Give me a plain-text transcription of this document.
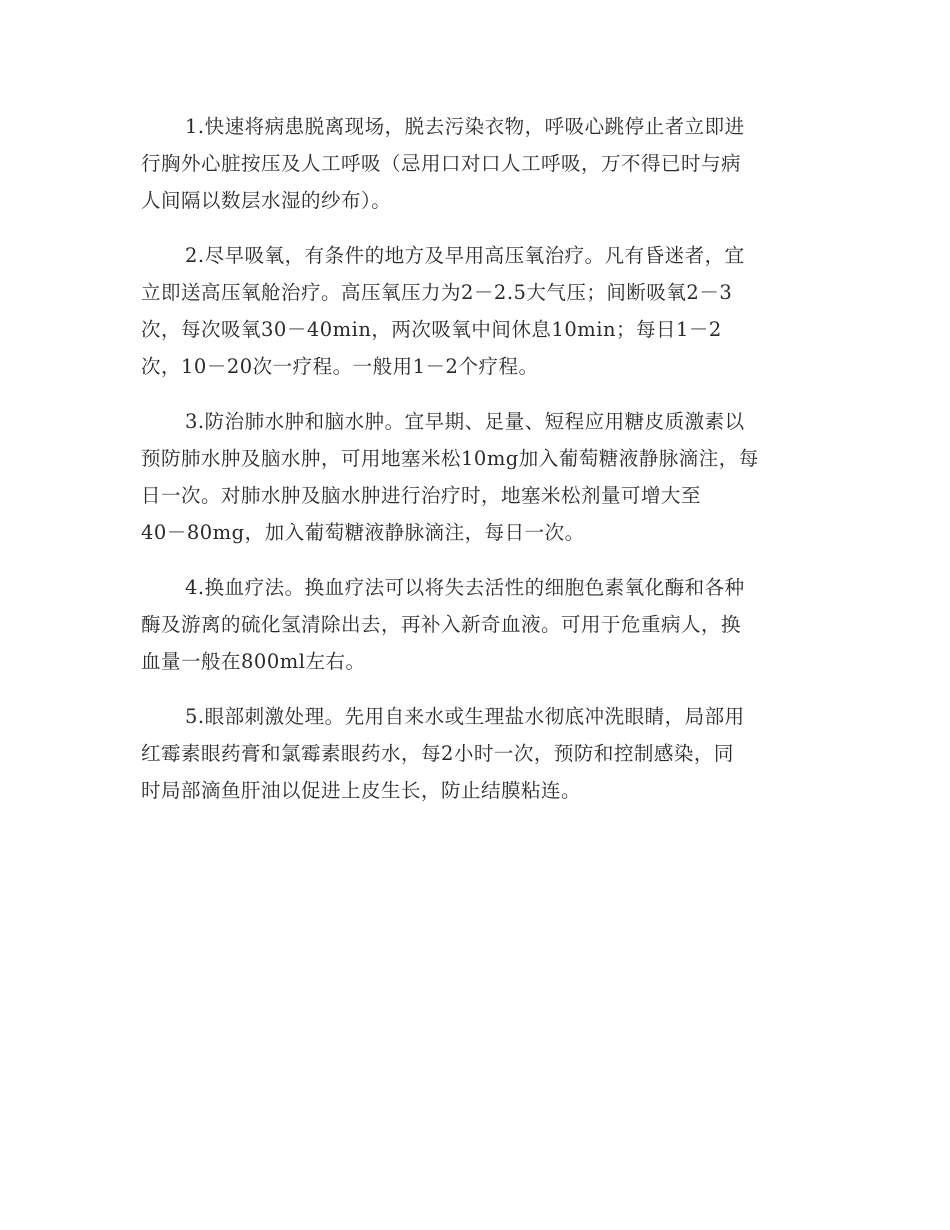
1.快速将病患脱离现场，脱去污染衣物，呼吸心跳停止者立即进
行胸外心脏按压及人工呼吸（忌用口对口人工呼吸，万不得已时与病
人间隔以数层水湿的纱布）。
2.尽早吸氧，有条件的地方及早用高压氧治疗。凡有昏迷者，宜
立即送高压氧舱治疗。高压氧压力为2－2.5大气压；间断吸氧2－3
次，每次吸氧30－40min，两次吸氧中间休息10min；每日1－2
次，10－20次一疗程。一般用1－2个疗程。
3.防治肺水肿和脑水肿。宜早期、足量、短程应用糖皮质激素以
预防肺水肿及脑水肿，可用地塞米松10mg加入葡萄糖液静脉滴注，每
日一次。对肺水肿及脑水肿进行治疗时，地塞米松剂量可增大至
40－80mg，加入葡萄糖液静脉滴注，每日一次。
4.换血疗法。换血疗法可以将失去活性的细胞色素氧化酶和各种
酶及游离的硫化氢清除出去，再补入新奇血液。可用于危重病人，换
血量一般在800ml左右。
5.眼部刺激处理。先用自来水或生理盐水彻底冲洗眼睛，局部用
红霉素眼药膏和氯霉素眼药水，每2小时一次，预防和控制感染，同
时局部滴鱼肝油以促进上皮生长，防止结膜粘连。
